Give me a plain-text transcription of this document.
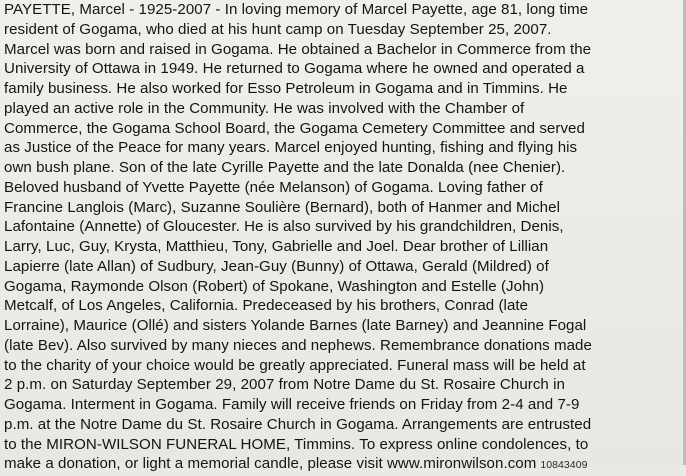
PAYETTE, Marcel - 1925-2007 - In loving memory of Marcel Payette, age 81, long time
resident of Gogama, who died at his hunt camp on Tuesday September 25, 2007.
Marcel was born and raised in Gogama. He obtained a Bachelor in Commerce from the
University of Ottawa in 1949. He returned to Gogama where he owned and operated a
family business. He also worked for Esso Petroleum in Gogama and in Timmins. He
played an active role in the Community. He was involved with the Chamber of
Commerce, the Gogama School Board, the Gogama Cemetery Committee and served
as Justice of the Peace for many years. Marcel enjoyed hunting, fishing and flying his
own bush plane. Son of the late Cyrille Payette and the late Donalda (nee Chenier).
Beloved husband of Yvette Payette (née Melanson) of Gogama. Loving father of
Francine Langlois (Marc), Suzanne Soulière (Bernard), both of Hanmer and Michel
Lafontaine (Annette) of Gloucester. He is also survived by his grandchildren, Denis,
Larry, Luc, Guy, Krysta, Matthieu, Tony, Gabrielle and Joel. Dear brother of Lillian
Lapierre (late Allan) of Sudbury, Jean-Guy (Bunny) of Ottawa, Gerald (Mildred) of
Gogama, Raymonde Olson (Robert) of Spokane, Washington and Estelle (John)
Metcalf, of Los Angeles, California. Predeceased by his brothers, Conrad (late
Lorraine), Maurice (Ollé) and sisters Yolande Barnes (late Barney) and Jeannine Fogal
(late Bev). Also survived by many nieces and nephews. Remembrance donations made
to the charity of your choice would be greatly appreciated. Funeral mass will be held at
2 p.m. on Saturday September 29, 2007 from Notre Dame du St. Rosaire Church in
Gogama. Interment in Gogama. Family will receive friends on Friday from 2-4 and 7-9
p.m. at the Notre Dame du St. Rosaire Church in Gogama. Arrangements are entrusted
to the MIRON-WILSON FUNERAL HOME, Timmins. To express online condolences, to
make a donation, or light a memorial candle, please visit www.mironwilson.com 10843409
